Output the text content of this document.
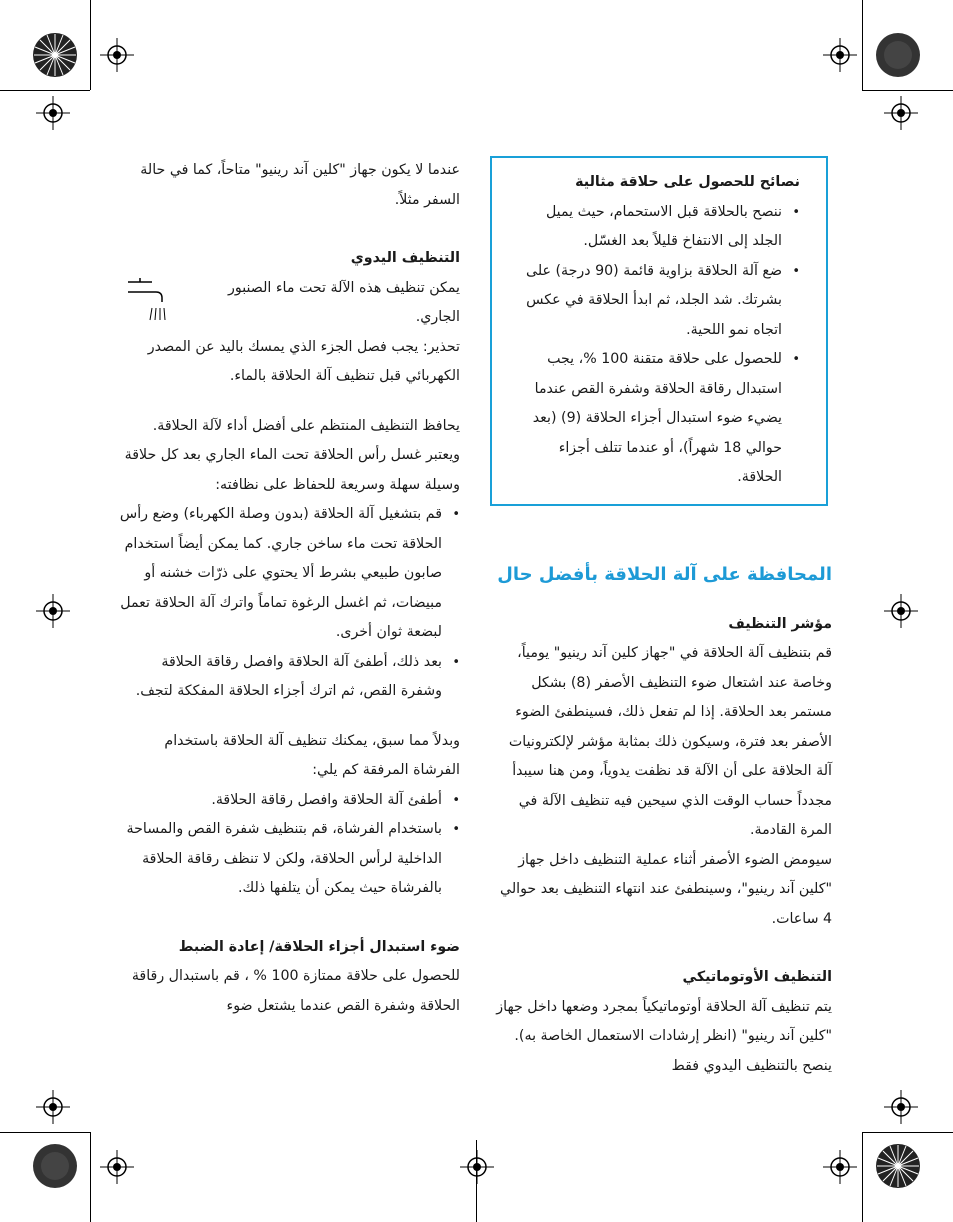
نصائح للحصول على حلاقة مثالية

• ننصح بالحلاقة قبل الاستحمام، حيث يميل الجلد إلى الانتفاخ قليلاً بعد الغسّل.
• ضع آلة الحلاقة بزاوية قائمة (90 درجة) على بشرتك. شد الجلد، ثم ابدأ الحلاقة في عكس اتجاه نمو اللحية.
• للحصول على حلاقة متقنة 100 %، يجب استبدال رقاقة الحلاقة وشفرة القص عندما يضيء ضوء استبدال أجزاء الحلاقة (9) (بعد حوالي 18 شهراً)، أو عندما تتلف أجزاء الحلاقة.

المحافظة على آلة الحلاقة بأفضل حال

مؤشر التنظيف

قم بتنظيف آلة الحلاقة في "جهاز كلين آند رينيو" يومياً، وخاصة عند اشتعال ضوء التنظيف الأصفر (8) بشكل مستمر بعد الحلاقة. إذا لم تفعل ذلك، فسينطفئ الضوء الأصفر بعد فترة، وسيكون ذلك بمثابة مؤشر لإلكترونيات آلة الحلاقة على أن الآلة قد نظفت يدوياً، ومن هنا سيبدأ مجدداً حساب الوقت الذي سيحين فيه تنظيف الآلة في المرة القادمة.

سيومض الضوء الأصفر أثناء عملية التنظيف داخل جهاز "كلين آند رينيو"، وسينطفئ عند انتهاء التنظيف بعد حوالي 4 ساعات.

التنظيف الأوتوماتيكي

يتم تنظيف آلة الحلاقة أوتوماتيكياً بمجرد وضعها داخل جهاز "كلين آند رينيو" (انظر إرشادات الاستعمال الخاصة به). ينصح بالتنظيف اليدوي فقط

عندما لا يكون جهاز "كلين آند رينيو" متاحاً، كما في حالة السفر مثلاً.

التنظيف اليدوي

يمكن تنظيف هذه الآلة تحت ماء الصنبور الجاري.

تحذير: يجب فصل الجزء الذي يمسك باليد عن المصدر الكهربائي قبل تنظيف آلة الحلاقة بالماء.

يحافظ التنظيف المنتظم على أفضل أداء لآلة الحلاقة. ويعتبر غسل رأس الحلاقة تحت الماء الجاري بعد كل حلاقة وسيلة سهلة وسريعة للحفاظ على نظافته:

• قم بتشغيل آلة الحلاقة (بدون وصلة الكهرباء) وضع رأس الحلاقة تحت ماء ساخن جاري. كما يمكن أيضاً استخدام صابون طبيعي بشرط ألا يحتوي على ذرّات خشنه أو مبيضات، ثم اغسل الرغوة تماماً واترك آلة الحلاقة تعمل لبضعة ثوان أخرى.
• بعد ذلك، أطفئ آلة الحلاقة وافصل رقاقة الحلاقة وشفرة القص، ثم اترك أجزاء الحلاقة المفككة لتجف.

وبدلاً مما سبق، يمكنك تنظيف آلة الحلاقة باستخدام الفرشاة المرفقة كم يلي:

• أطفئ آلة الحلاقة وافصل رقاقة الحلاقة.
• باستخدام الفرشاة، قم بتنظيف شفرة القص والمساحة الداخلية لرأس الحلاقة، ولكن لا تنظف رقاقة الحلاقة بالفرشاة حيث يمكن أن يتلفها ذلك.

ضوء استبدال أجزاء الحلاقة/ إعادة الضبط

للحصول على حلاقة ممتازة 100 % ، قم باستبدال رقاقة الحلاقة وشفرة القص عندما يشتعل ضوء
